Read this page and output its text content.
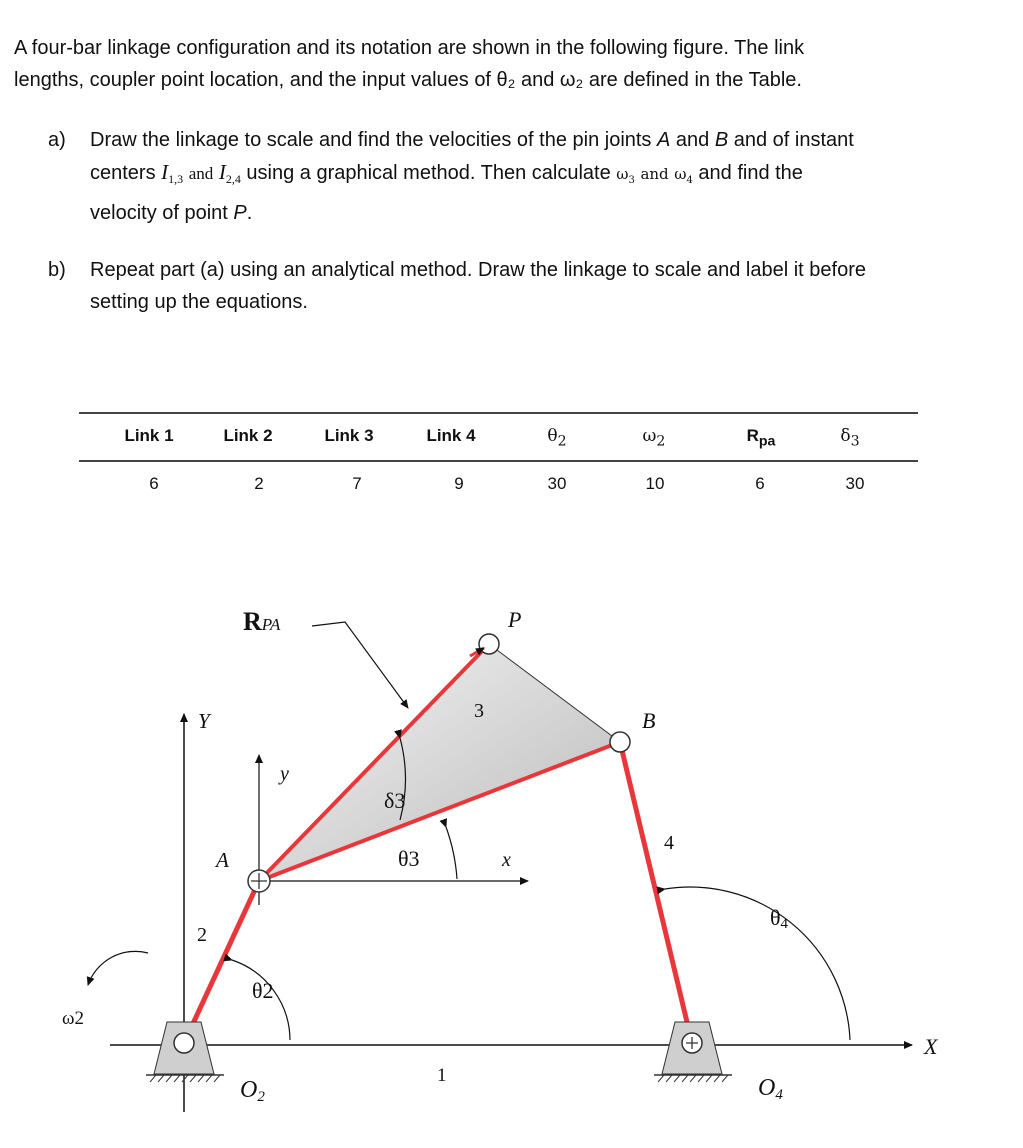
A four-bar linkage configuration and its notation are shown in the following figure. The link
lengths, coupler point location, and the input values of θ₂ and ω₂ are defined in the Table.

a) Draw the linkage to scale and find the velocities of the pin joints A and B and of instant
centers I1,3 and I2,4 using a graphical method. Then calculate $\omega_3$ and $\omega_4$ and find the
velocity of point P.
b) Repeat part (a) using an analytical method. Draw the linkage to scale and label it before
setting up the equations.
Link 1	Link 2	Link 3	Link 4	$\theta_2$	$\omega_2$	$R_{pa}$	$\delta_3$
6	2	7	9	30	10	6	30
RPA	P
B
A
Y
y
x
X
2
3
4
1
δ3
θ3
θ2
θ4
ω2
O2	O4
